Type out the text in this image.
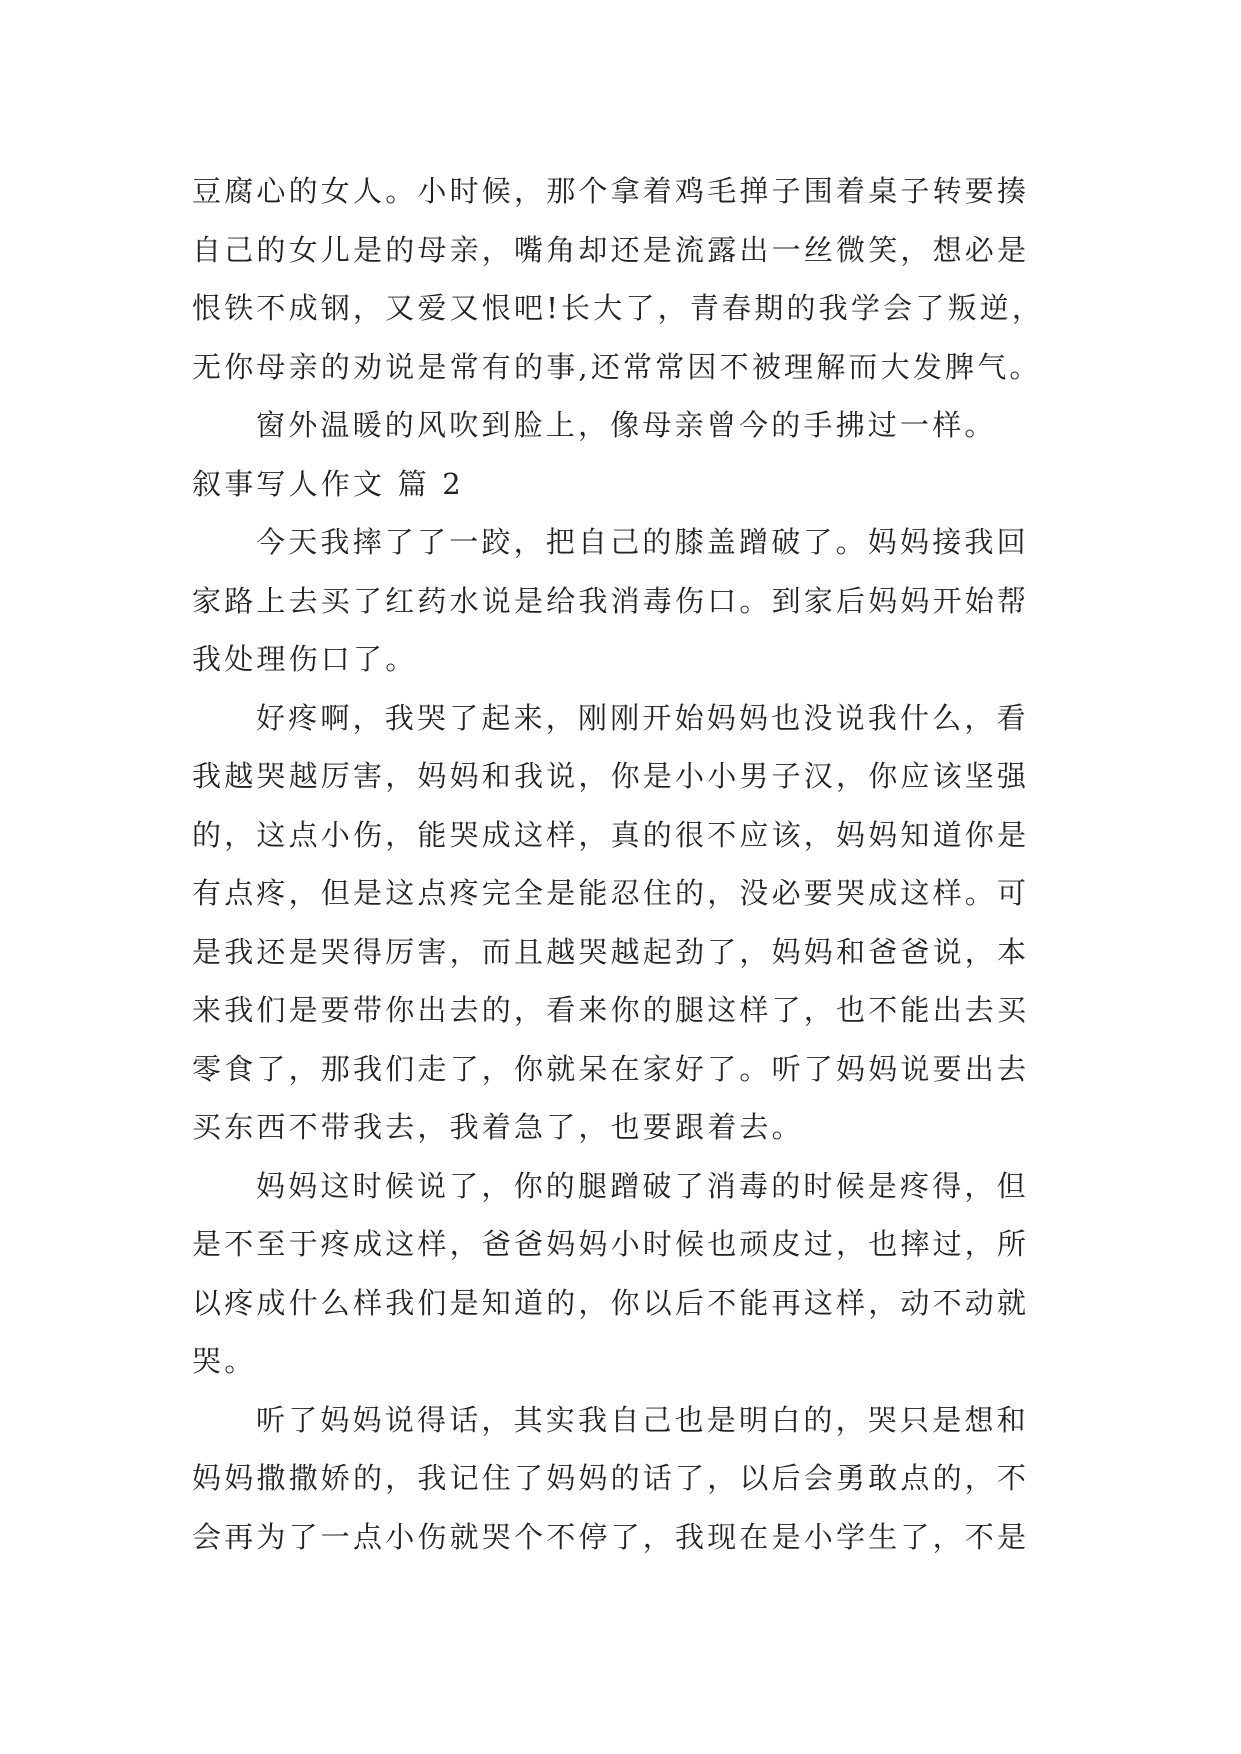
豆腐心的女人。小时候，那个拿着鸡毛掸子围着桌子转要揍
自己的女儿是的母亲，嘴角却还是流露出一丝微笑，想必是
恨铁不成钢，又爱又恨吧!长大了，青春期的我学会了叛逆，
无你母亲的劝说是常有的事,还常常因不被理解而大发脾气。

窗外温暖的风吹到脸上，像母亲曾今的手拂过一样。

叙事写人作文 篇 2

今天我摔了了一跤，把自己的膝盖蹭破了。妈妈接我回
家路上去买了红药水说是给我消毒伤口。到家后妈妈开始帮
我处理伤口了。

好疼啊，我哭了起来，刚刚开始妈妈也没说我什么，看
我越哭越厉害，妈妈和我说，你是小小男子汉，你应该坚强
的，这点小伤，能哭成这样，真的很不应该，妈妈知道你是
有点疼，但是这点疼完全是能忍住的，没必要哭成这样。可
是我还是哭得厉害，而且越哭越起劲了，妈妈和爸爸说，本
来我们是要带你出去的，看来你的腿这样了，也不能出去买
零食了，那我们走了，你就呆在家好了。听了妈妈说要出去
买东西不带我去，我着急了，也要跟着去。

妈妈这时候说了，你的腿蹭破了消毒的时候是疼得，但
是不至于疼成这样，爸爸妈妈小时候也顽皮过，也摔过，所
以疼成什么样我们是知道的，你以后不能再这样，动不动就
哭。

听了妈妈说得话，其实我自己也是明白的，哭只是想和
妈妈撒撒娇的，我记住了妈妈的话了，以后会勇敢点的，不
会再为了一点小伤就哭个不停了，我现在是小学生了，不是
